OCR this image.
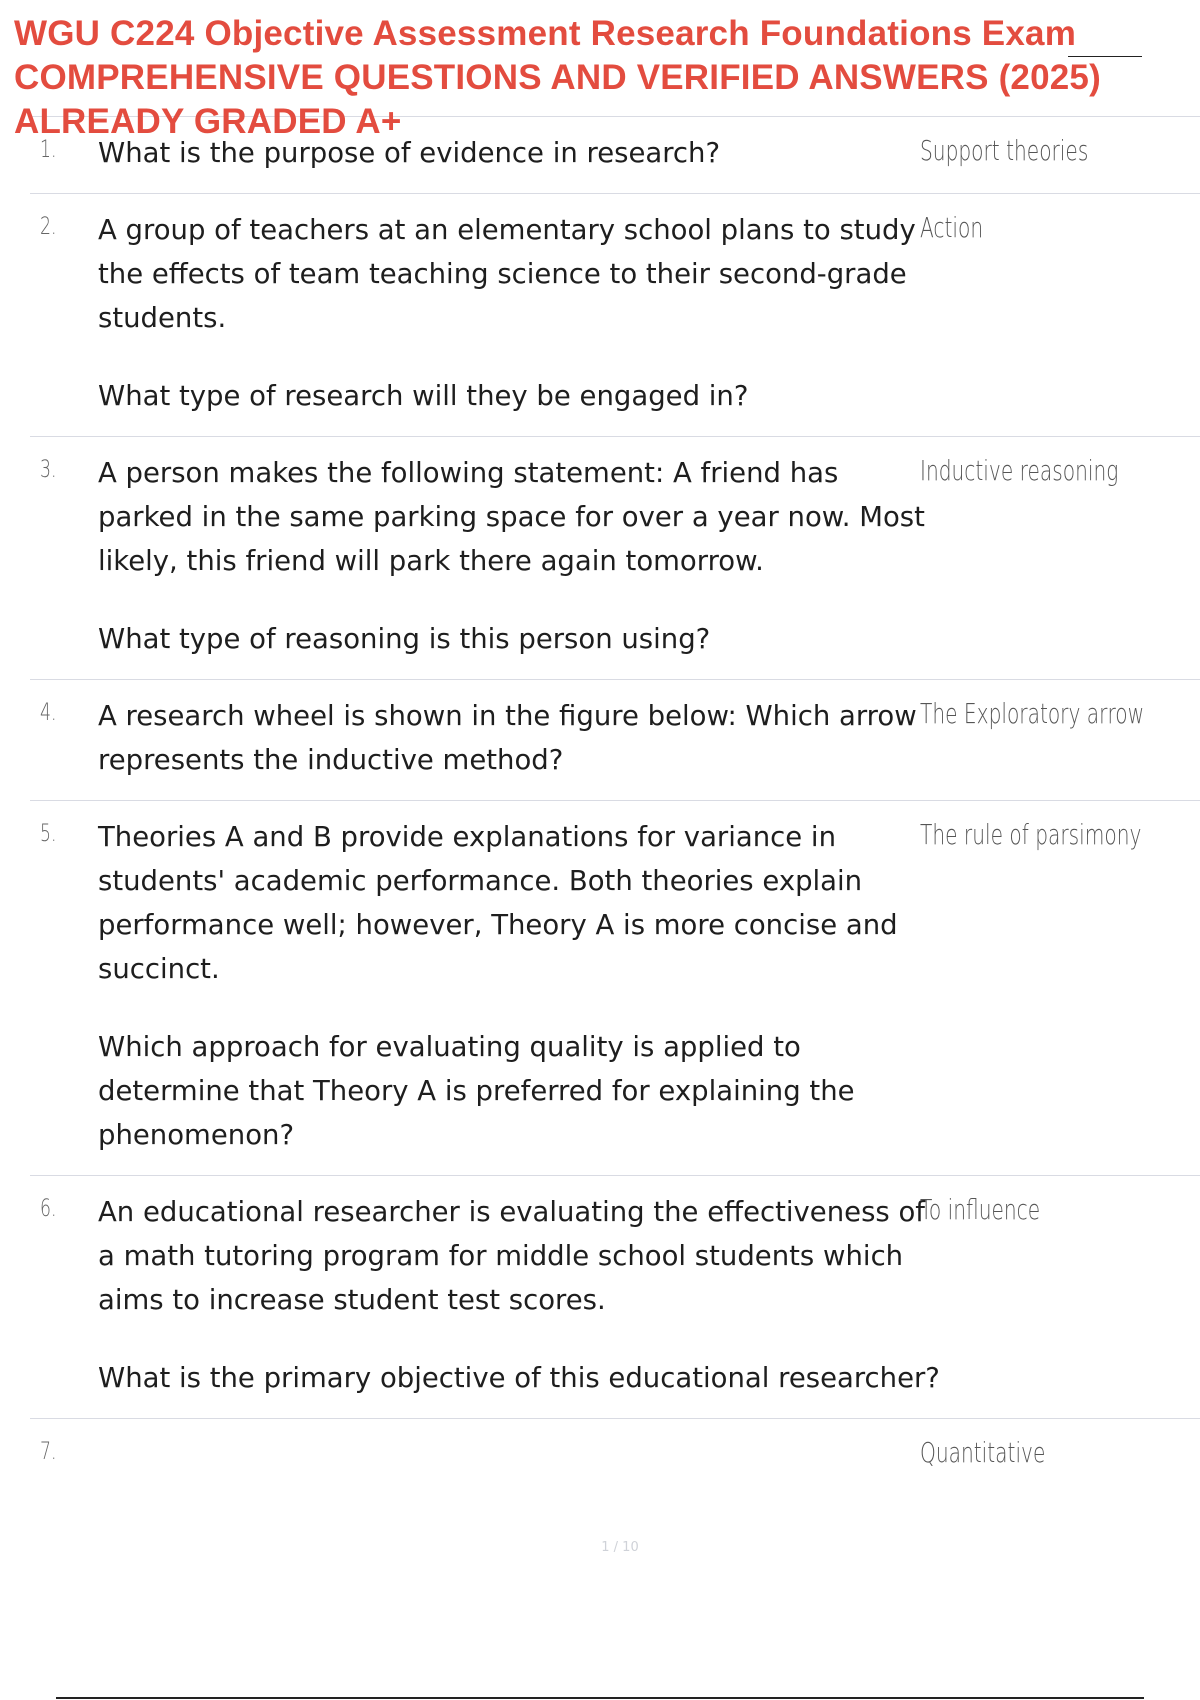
WGU C224 Objective Assessment Research Foundations Exam
COMPREHENSIVE QUESTIONS AND VERIFIED ANSWERS (2025)
ALREADY GRADED A+
1. What is the purpose of evidence in research?	Support theories
2. A group of teachers at an elementary school plans to study the effects of team teaching science to their second-grade students.
What type of research will they be engaged in?
Action
3. A person makes the following statement: A friend has parked in the same parking space for over a year now. Most likely, this friend will park there again tomorrow.
What type of reasoning is this person using?
Inductive reasoning
4. A research wheel is shown in the figure below: Which arrow represents the inductive method?
The Exploratory arrow
5. Theories A and B provide explanations for variance in students' academic performance. Both theories explain performance well; however, Theory A is more concise and succinct.
Which approach for evaluating quality is applied to determine that Theory A is preferred for explaining the phenomenon?
The rule of parsimony
6. An educational researcher is evaluating the effectiveness of a math tutoring program for middle school students which aims to increase student test scores.
What is the primary objective of this educational researcher?
To influence
7.
	Quantitative
1 / 10
